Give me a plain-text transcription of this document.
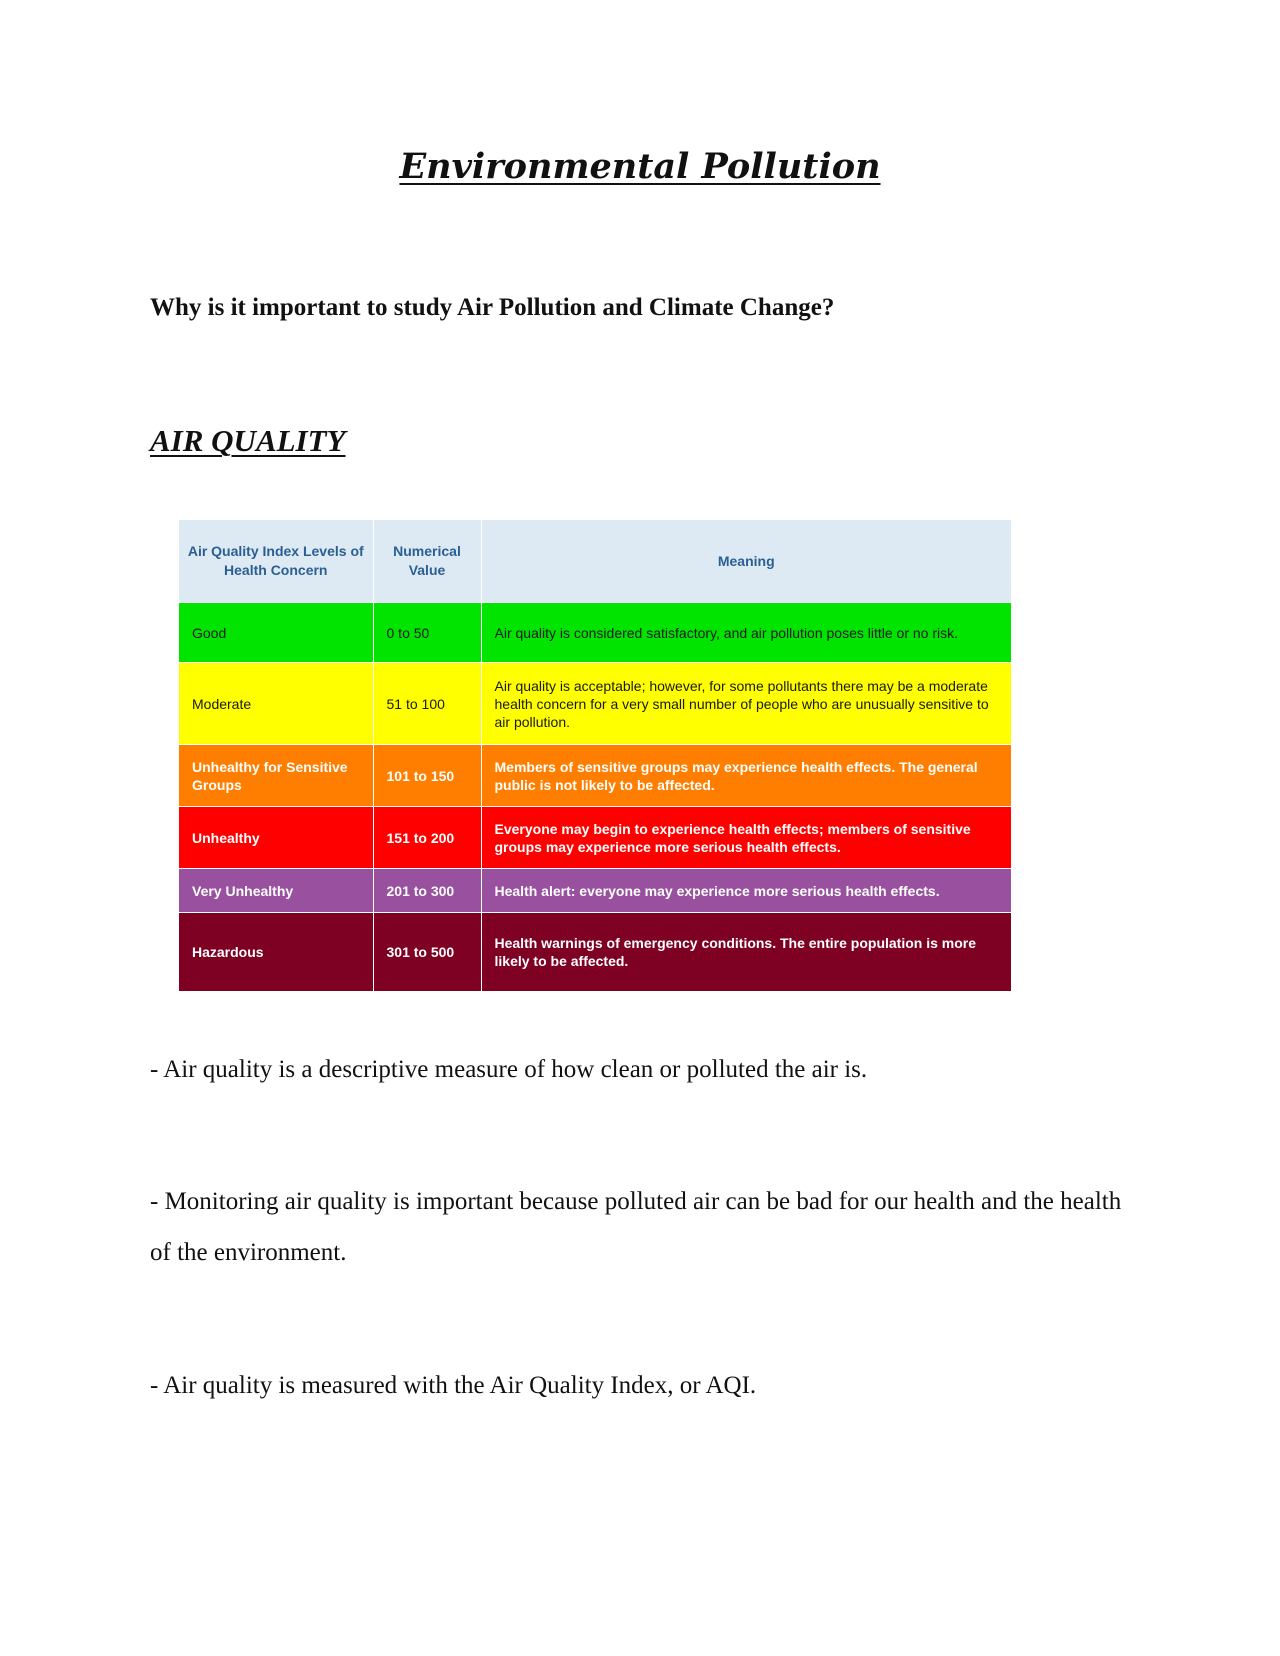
Environmental Pollution

Why is it important to study Air Pollution and Climate Change?

AIR QUALITY
Air Quality Index Levels of Health Concern	Numerical Value	Meaning
Good	0 to 50	Air quality is considered satisfactory, and air pollution poses little or no risk.
Moderate	51 to 100	Air quality is acceptable; however, for some pollutants there may be a moderate health concern for a very small number of people who are unusually sensitive to air pollution.
Unhealthy for Sensitive Groups	101 to 150	Members of sensitive groups may experience health effects. The general public is not likely to be affected.
Unhealthy	151 to 200	Everyone may begin to experience health effects; members of sensitive groups may experience more serious health effects.
Very Unhealthy	201 to 300	Health alert: everyone may experience more serious health effects.
Hazardous	301 to 500	Health warnings of emergency conditions. The entire population is more likely to be affected.

- Air quality is a descriptive measure of how clean or polluted the air is.

- Monitoring air quality is important because polluted air can be bad for our health and the health of the environment.

- Air quality is measured with the Air Quality Index, or AQI.
